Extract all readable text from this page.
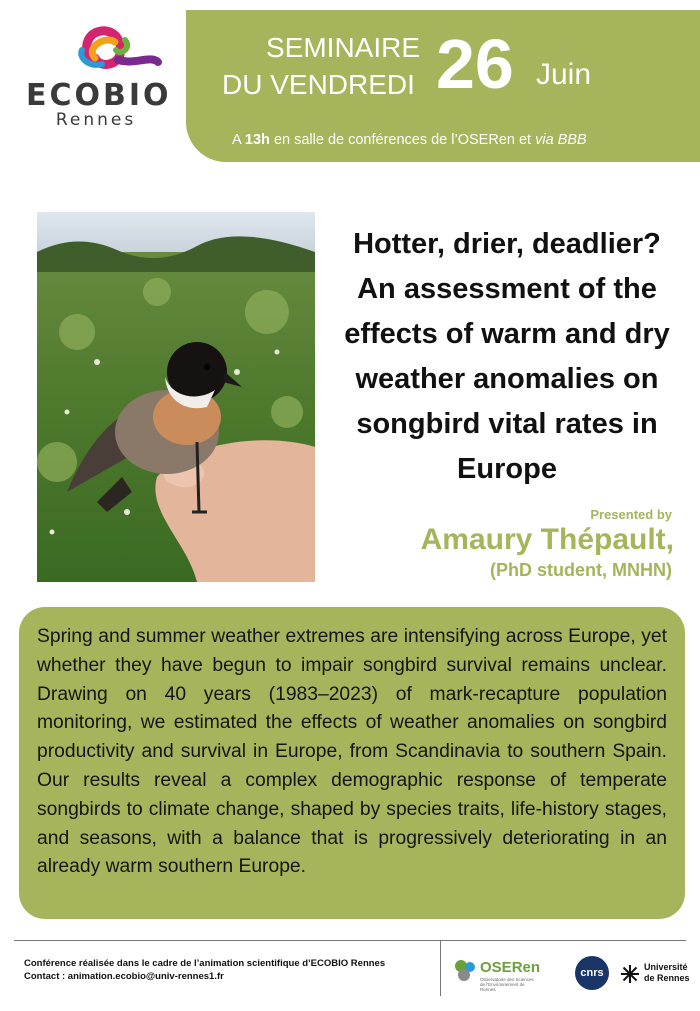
ECOBIO
Rennes
SEMINAIRE
DU VENDREDI 26 Juin
A 13h en salle de conférences de l’OSERen et via BBB
Hotter, drier, deadlier?
An assessment of the
effects of warm and dry
weather anomalies on
songbird vital rates in
Europe
Presented by
Amaury Thépault,
(PhD student, MNHN)

Spring and summer weather extremes are intensifying across Europe, yet whether they have begun to impair songbird survival remains unclear. Drawing on 40 years (1983–2023) of mark-recapture population monitoring, we estimated the effects of weather anomalies on songbird productivity and survival in Europe, from Scandinavia to southern Spain. Our results reveal a complex demographic response of temperate songbirds to climate change, shaped by species traits, life-history stages, and seasons, with a balance that is progressively deteriorating in an already warm southern Europe.

Conférence réalisée dans le cadre de l’animation scientifique d’ECOBIO Rennes
Contact : animation.ecobio@univ-rennes1.fr
OSERen
Observatoire des Sciences de l'Environnement de Rennes
cnrs	Université
de Rennes
